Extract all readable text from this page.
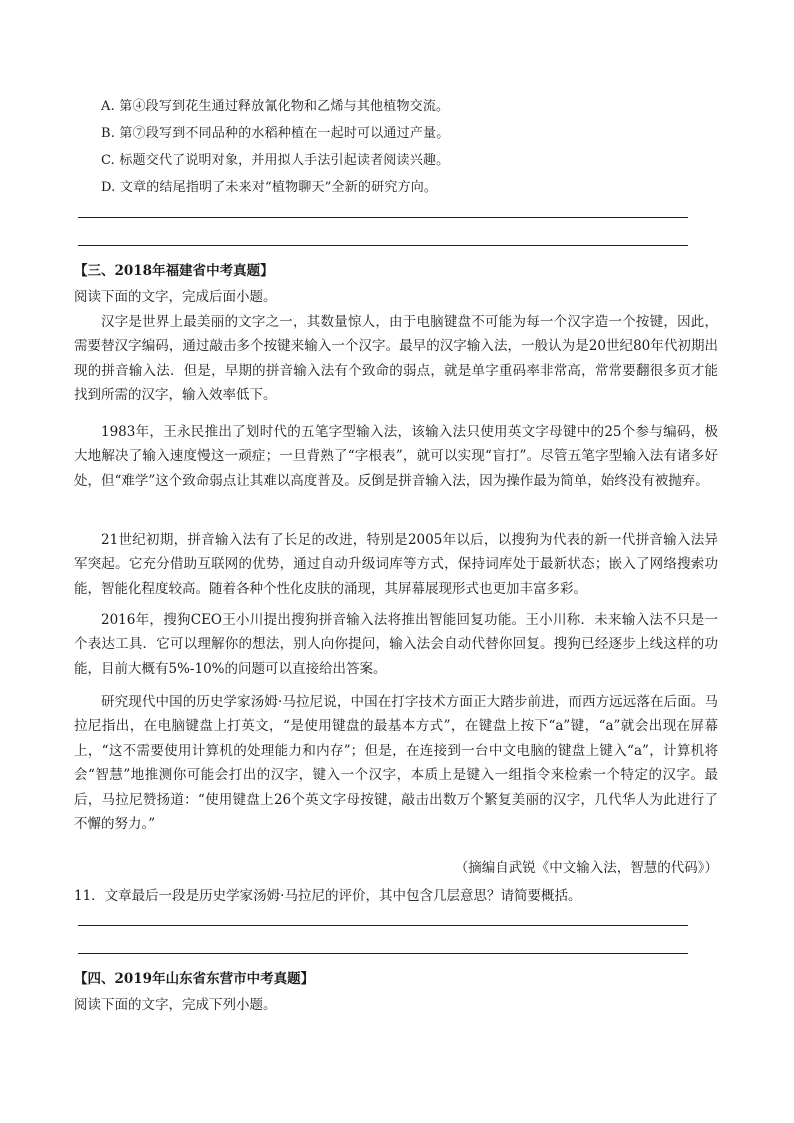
A. 第④段写到花生通过释放氰化物和乙烯与其他植物交流。
B. 第⑦段写到不同品种的水稻种植在一起时可以通过产量。
C. 标题交代了说明对象，并用拟人手法引起读者阅读兴趣。
D. 文章的结尾指明了未来对“植物聊天”全新的研究方向。
【三、2018年福建省中考真题】
阅读下面的文字，完成后面小题。
汉字是世界上最美丽的文字之一，其数量惊人，由于电脑键盘不可能为每一个汉字造一个按键，因此，需要替汉字编码，通过敲击多个按键来输入一个汉字。最早的汉字输入法，一般认为是20世纪80年代初期出现的拼音输入法．但是，早期的拼音输入法有个致命的弱点，就是单字重码率非常高，常常要翻很多页才能找到所需的汉字，输入效率低下。
1983年，王永民推出了划时代的五笔字型输入法，该输入法只使用英文字母键中的25个参与编码，极大地解决了输入速度慢这一顽症；一旦背熟了“字根表”，就可以实现“盲打”。尽管五笔字型输入法有诸多好处，但“难学”这个致命弱点让其难以高度普及。反倒是拼音输入法，因为操作最为简单，始终没有被抛弃。
21世纪初期，拼音输入法有了长足的改进，特别是2005年以后，以搜狗为代表的新一代拼音输入法异军突起。它充分借助互联网的优势，通过自动升级词库等方式，保持词库处于最新状态；嵌入了网络搜索功能，智能化程度较高。随着各种个性化皮肤的涌现，其屏幕展现形式也更加丰富多彩。
2016年，搜狗CEO王小川提出搜狗拼音输入法将推出智能回复功能。王小川称．未来输入法不只是一个表达工具．它可以理解你的想法，别人向你提问，输入法会自动代替你回复。搜狗已经逐步上线这样的功能，目前大概有5%-10%的问题可以直接给出答案。
研究现代中国的历史学家汤姆·马拉尼说，中国在打字技术方面正大踏步前进，而西方远远落在后面。马拉尼指出，在电脑键盘上打英文，“是使用键盘的最基本方式”，在键盘上按下“a”键，“a”就会出现在屏幕上，“这不需要使用计算机的处理能力和内存”；但是，在连接到一台中文电脑的键盘上键入“a”，计算机将会“智慧”地推测你可能会打出的汉字，键入一个汉字，本质上是键入一组指令来检索一个特定的汉字。最后，马拉尼赞扬道：“使用键盘上26个英文字母按键，敲击出数万个繁复美丽的汉字，几代华人为此进行了不懈的努力。”
（摘编自武锐《中文输入法，智慧的代码》）
11．文章最后一段是历史学家汤姆·马拉尼的评价，其中包含几层意思？请简要概括。
【四、2019年山东省东营市中考真题】
阅读下面的文字，完成下列小题。
